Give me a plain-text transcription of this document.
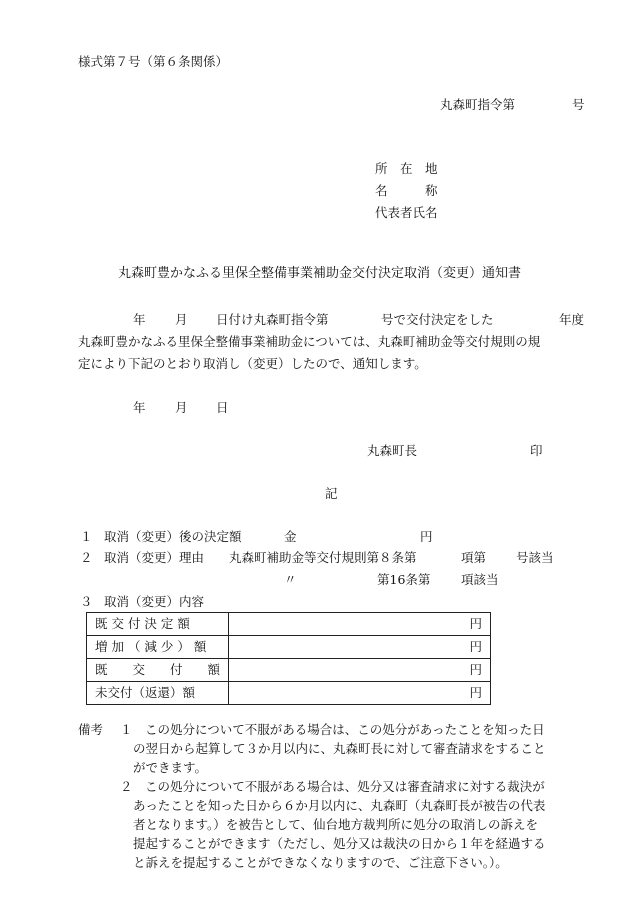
様式第７号（第６条関係）
丸森町指令第	号
所　在　地
名　　　称
代表者氏名
丸森町豊かなふる里保全整備事業補助金交付決定取消（変更）通知書
年 月 日付け丸森町指令第	号で交付決定をした	年度
丸森町豊かなふる里保全整備事業補助金については、丸森町補助金等交付規則の規
定により下記のとおり取消し（変更）したので、通知します。
年 月 日
丸森町長	印
記
１ 取消（変更）後の決定額	金	円
２ 取消（変更）理由 丸森町補助金等交付規則第８条第	項第 号該当
〃	第16条第 項該当
３ 取消（変更）内容
既 交 付 決 定 額	円
増 加 （ 減 少 ） 額	円
既　　交　　付　　額	円
未交付（返還）額	円
備考 １ この処分について不服がある場合は、この処分があったことを知った日
の翌日から起算して３か月以内に、丸森町長に対して審査請求をすること
ができます。
２ この処分について不服がある場合は、処分又は審査請求に対する裁決が
あったことを知った日から６か月以内に、丸森町（丸森町長が被告の代表
者となります。）を被告として、仙台地方裁判所に処分の取消しの訴えを
提起することができます（ただし、処分又は裁決の日から１年を経過する
と訴えを提起することができなくなりますので、ご注意下さい。）。
